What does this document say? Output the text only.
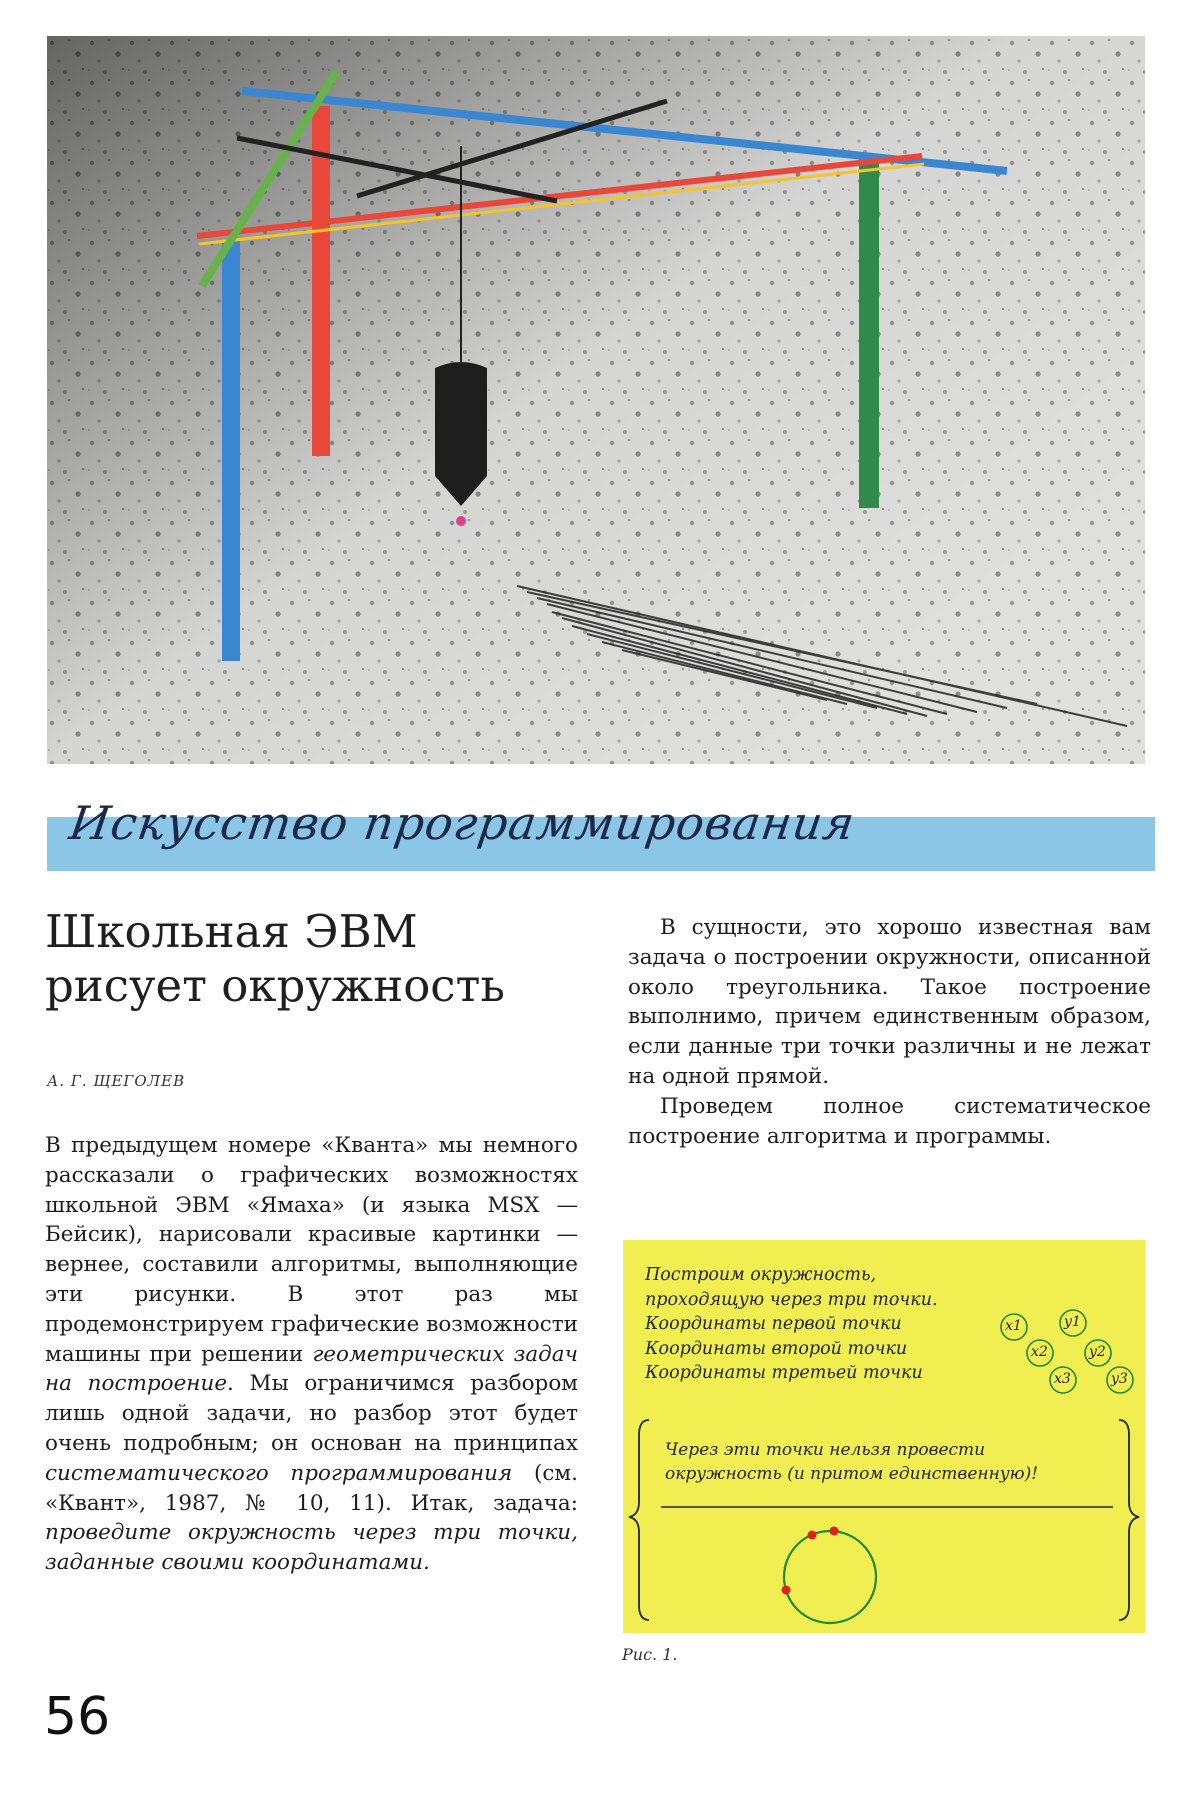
Искусство программирования
Школьная ЭВМ
рисует окружность
А. Г. ЩЕГОЛЕВ

В предыдущем номере «Кванта» мы немного рассказали о графических возможностях школьной ЭВМ «Ямаха» (и языка MSX — Бейсик), нарисовали красивые картинки — вернее, составили алгоритмы, выполняющие эти рисунки. В этот раз мы продемонстрируем графические возможности машины при решении геометрических задач на построение. Мы ограничимся разбором лишь одной задачи, но разбор этот будет очень подробным; он основан на принципах систематического программирования (см. «Квант», 1987, № 10, 11). Итак, задача: проведите окружность через три точки, заданные своими координатами.

В сущности, это хорошо известная вам задача о построении окружности, описанной около треугольника. Такое построение выполнимо, причем единственным образом, если данные три точки различны и не лежат на одной прямой.

Проведем полное систематическое построение алгоритма и программы.

Построим окружность,
проходящую через три точки.
Координаты первой точки
Координаты второй точки
Координаты третьей точки
x1	y1
x2	y2
x3	y3
Через эти точки нельзя провести
окружность (и притом единственную)!
Рис. 1.
56
